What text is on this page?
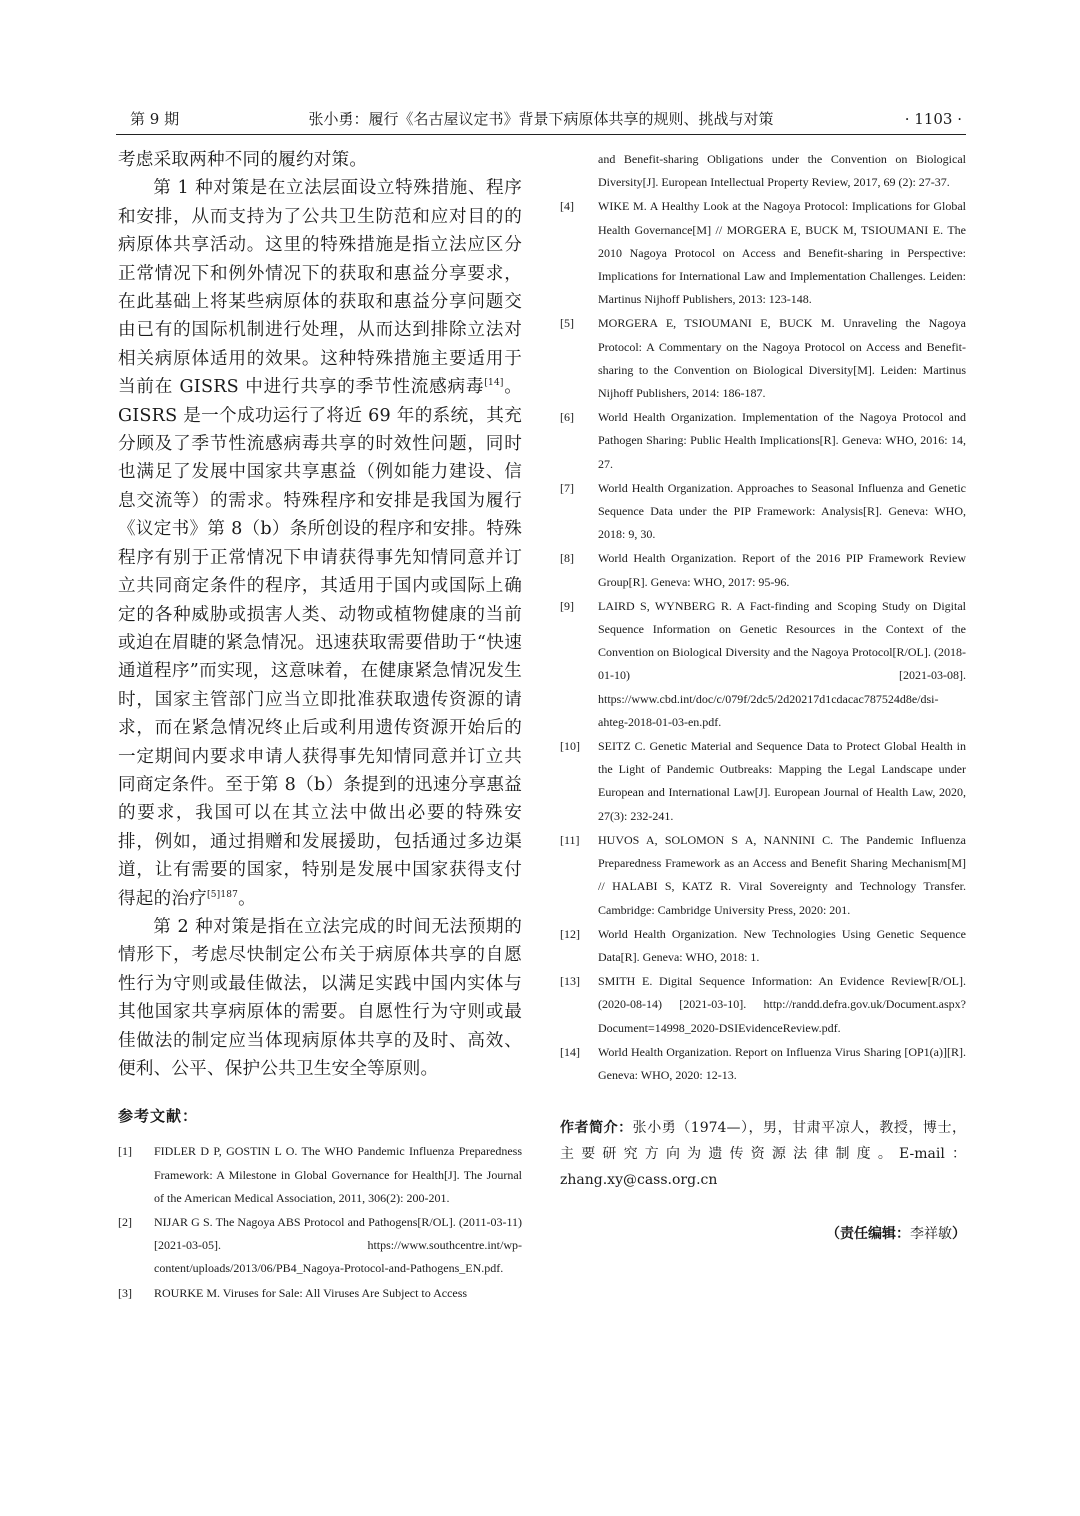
第 9 期	张小勇：履行《名古屋议定书》背景下病原体共享的规则、挑战与对策	· 1103 ·

考虑采取两种不同的履约对策。

第 1 种对策是在立法层面设立特殊措施、程序和安排，从而支持为了公共卫生防范和应对目的的病原体共享活动。这里的特殊措施是指立法应区分正常情况下和例外情况下的获取和惠益分享要求，在此基础上将某些病原体的获取和惠益分享问题交由已有的国际机制进行处理，从而达到排除立法对相关病原体适用的效果。这种特殊措施主要适用于当前在 GISRS 中进行共享的季节性流感病毒[14]。GISRS 是一个成功运行了将近 69 年的系统，其充分顾及了季节性流感病毒共享的时效性问题，同时也满足了发展中国家共享惠益（例如能力建设、信息交流等）的需求。特殊程序和安排是我国为履行《议定书》第 8（b）条所创设的程序和安排。特殊程序有别于正常情况下申请获得事先知情同意并订立共同商定条件的程序，其适用于国内或国际上确定的各种威胁或损害人类、动物或植物健康的当前或迫在眉睫的紧急情况。迅速获取需要借助于“快速通道程序”而实现，这意味着，在健康紧急情况发生时，国家主管部门应当立即批准获取遗传资源的请求，而在紧急情况终止后或利用遗传资源开始后的一定期间内要求申请人获得事先知情同意并订立共同商定条件。至于第 8（b）条提到的迅速分享惠益的要求，我国可以在其立法中做出必要的特殊安排，例如，通过捐赠和发展援助，包括通过多边渠道，让有需要的国家，特别是发展中国家获得支付得起的治疗$^{[5]187}$。

第 2 种对策是指在立法完成的时间无法预期的情形下，考虑尽快制定公布关于病原体共享的自愿性行为守则或最佳做法，以满足实践中国内实体与其他国家共享病原体的需要。自愿性行为守则或最佳做法的制定应当体现病原体共享的及时、高效、便利、公平、保护公共卫生安全等原则。

参考文献：
[1]	FIDLER D P, GOSTIN L O. The WHO Pandemic Influenza Preparedness Framework: A Milestone in Global Governance for Health[J]. The Journal of the American Medical Association, 2011, 306(2): 200-201.
[2]	NIJAR G S. The Nagoya ABS Protocol and Pathogens[R/OL]. (2011-03-11) [2021-03-05]. https://www.southcentre.int/wp-content/uploads/2013/06/PB4_Nagoya-Protocol-and-Pathogens_EN.pdf.
[3]	ROURKE M. Viruses for Sale: All Viruses Are Subject to Access
and Benefit-sharing Obligations under the Convention on Biological Diversity[J]. European Intellectual Property Review, 2017, 69 (2): 27-37.
[4]	WIKE M. A Healthy Look at the Nagoya Protocol: Implications for Global Health Governance[M] // MORGERA E, BUCK M, TSIOUMANI E. The 2010 Nagoya Protocol on Access and Benefit-sharing in Perspective: Implications for International Law and Implementation Challenges. Leiden: Martinus Nijhoff Publishers, 2013: 123-148.
[5]	MORGERA E, TSIOUMANI E, BUCK M. Unraveling the Nagoya Protocol: A Commentary on the Nagoya Protocol on Access and Benefit-sharing to the Convention on Biological Diversity[M]. Leiden: Martinus Nijhoff Publishers, 2014: 186-187.
[6]	World Health Organization. Implementation of the Nagoya Protocol and Pathogen Sharing: Public Health Implications[R]. Geneva: WHO, 2016: 14, 27.
[7]	World Health Organization. Approaches to Seasonal Influenza and Genetic Sequence Data under the PIP Framework: Analysis[R]. Geneva: WHO, 2018: 9, 30.
[8]	World Health Organization. Report of the 2016 PIP Framework Review Group[R]. Geneva: WHO, 2017: 95-96.
[9]	LAIRD S, WYNBERG R. A Fact-finding and Scoping Study on Digital Sequence Information on Genetic Resources in the Context of the Convention on Biological Diversity and the Nagoya Protocol[R/OL]. (2018-01-10) [2021-03-08]. https://www.cbd.int/doc/c/079f/2dc5/2d20217d1cdacac787524d8e/dsi-ahteg-2018-01-03-en.pdf.
[10]	SEITZ C. Genetic Material and Sequence Data to Protect Global Health in the Light of Pandemic Outbreaks: Mapping the Legal Landscape under European and International Law[J]. European Journal of Health Law, 2020, 27(3): 232-241.
[11]	HUVOS A, SOLOMON S A, NANNINI C. The Pandemic Influenza Preparedness Framework as an Access and Benefit Sharing Mechanism[M] // HALABI S, KATZ R. Viral Sovereignty and Technology Transfer. Cambridge: Cambridge University Press, 2020: 201.
[12]	World Health Organization. New Technologies Using Genetic Sequence Data[R]. Geneva: WHO, 2018: 1.
[13]	SMITH E. Digital Sequence Information: An Evidence Review[R/OL]. (2020-08-14) [2021-03-10]. http://randd.defra.gov.uk/Document.aspx?Document=14998_2020-DSIEvidenceReview.pdf.
[14]	World Health Organization. Report on Influenza Virus Sharing [OP1(a)][R]. Geneva: WHO, 2020: 12-13.
作者简介：张小勇（1974—），男，甘肃平凉人，教授，博士，主要研究方向为遗传资源法律制度。E-mail：zhang.xy@cass.org.cn
（责任编辑：李祥敏）
